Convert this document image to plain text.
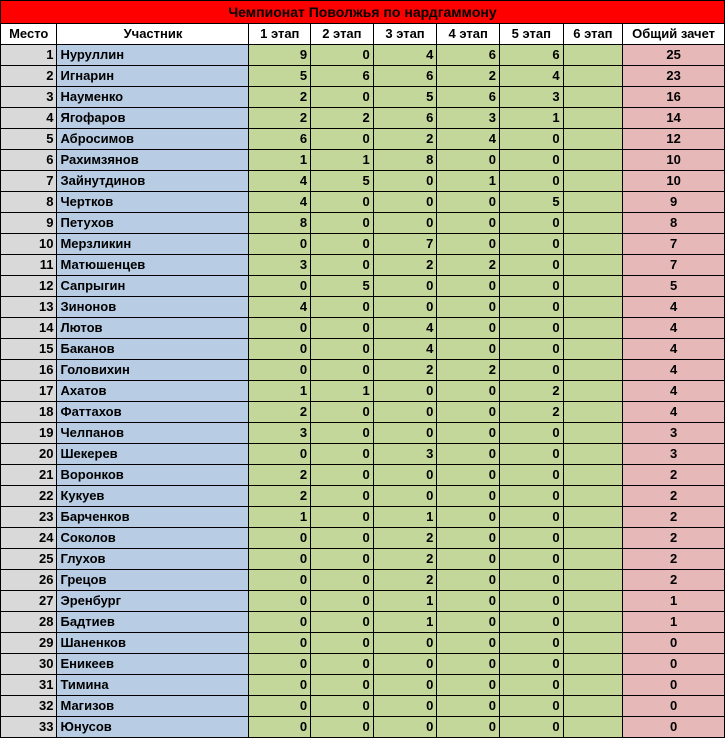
Чемпионат Поволжья по нардгаммону								
Место	Участник	1 этап	2 этап	3 этап	4 этап	5 этап	6 этап	Общий зачет
1	Нуруллин	9	0	4	6	6		25
2	Игнарин	5	6	6	2	4		23
3	Науменко	2	0	5	6	3		16
4	Ягофаров	2	2	6	3	1		14
5	Абросимов	6	0	2	4	0		12
6	Рахимзянов	1	1	8	0	0		10
7	Зайнутдинов	4	5	0	1	0		10
8	Чертков	4	0	0	0	5		9
9	Петухов	8	0	0	0	0		8
10	Мерзликин	0	0	7	0	0		7
11	Матюшенцев	3	0	2	2	0		7
12	Сапрыгин	0	5	0	0	0		5
13	Зинонов	4	0	0	0	0		4
14	Лютов	0	0	4	0	0		4
15	Баканов	0	0	4	0	0		4
16	Головихин	0	0	2	2	0		4
17	Ахатов	1	1	0	0	2		4
18	Фаттахов	2	0	0	0	2		4
19	Челпанов	3	0	0	0	0		3
20	Шекерев	0	0	3	0	0		3
21	Воронков	2	0	0	0	0		2
22	Кукуев	2	0	0	0	0		2
23	Барченков	1	0	1	0	0		2
24	Соколов	0	0	2	0	0		2
25	Глухов	0	0	2	0	0		2
26	Грецов	0	0	2	0	0		2
27	Эренбург	0	0	1	0	0		1
28	Бадтиев	0	0	1	0	0		1
29	Шаненков	0	0	0	0	0		0
30	Еникеев	0	0	0	0	0		0
31	Тимина	0	0	0	0	0		0
32	Магизов	0	0	0	0	0		0
33	Юнусов	0	0	0	0	0		0
